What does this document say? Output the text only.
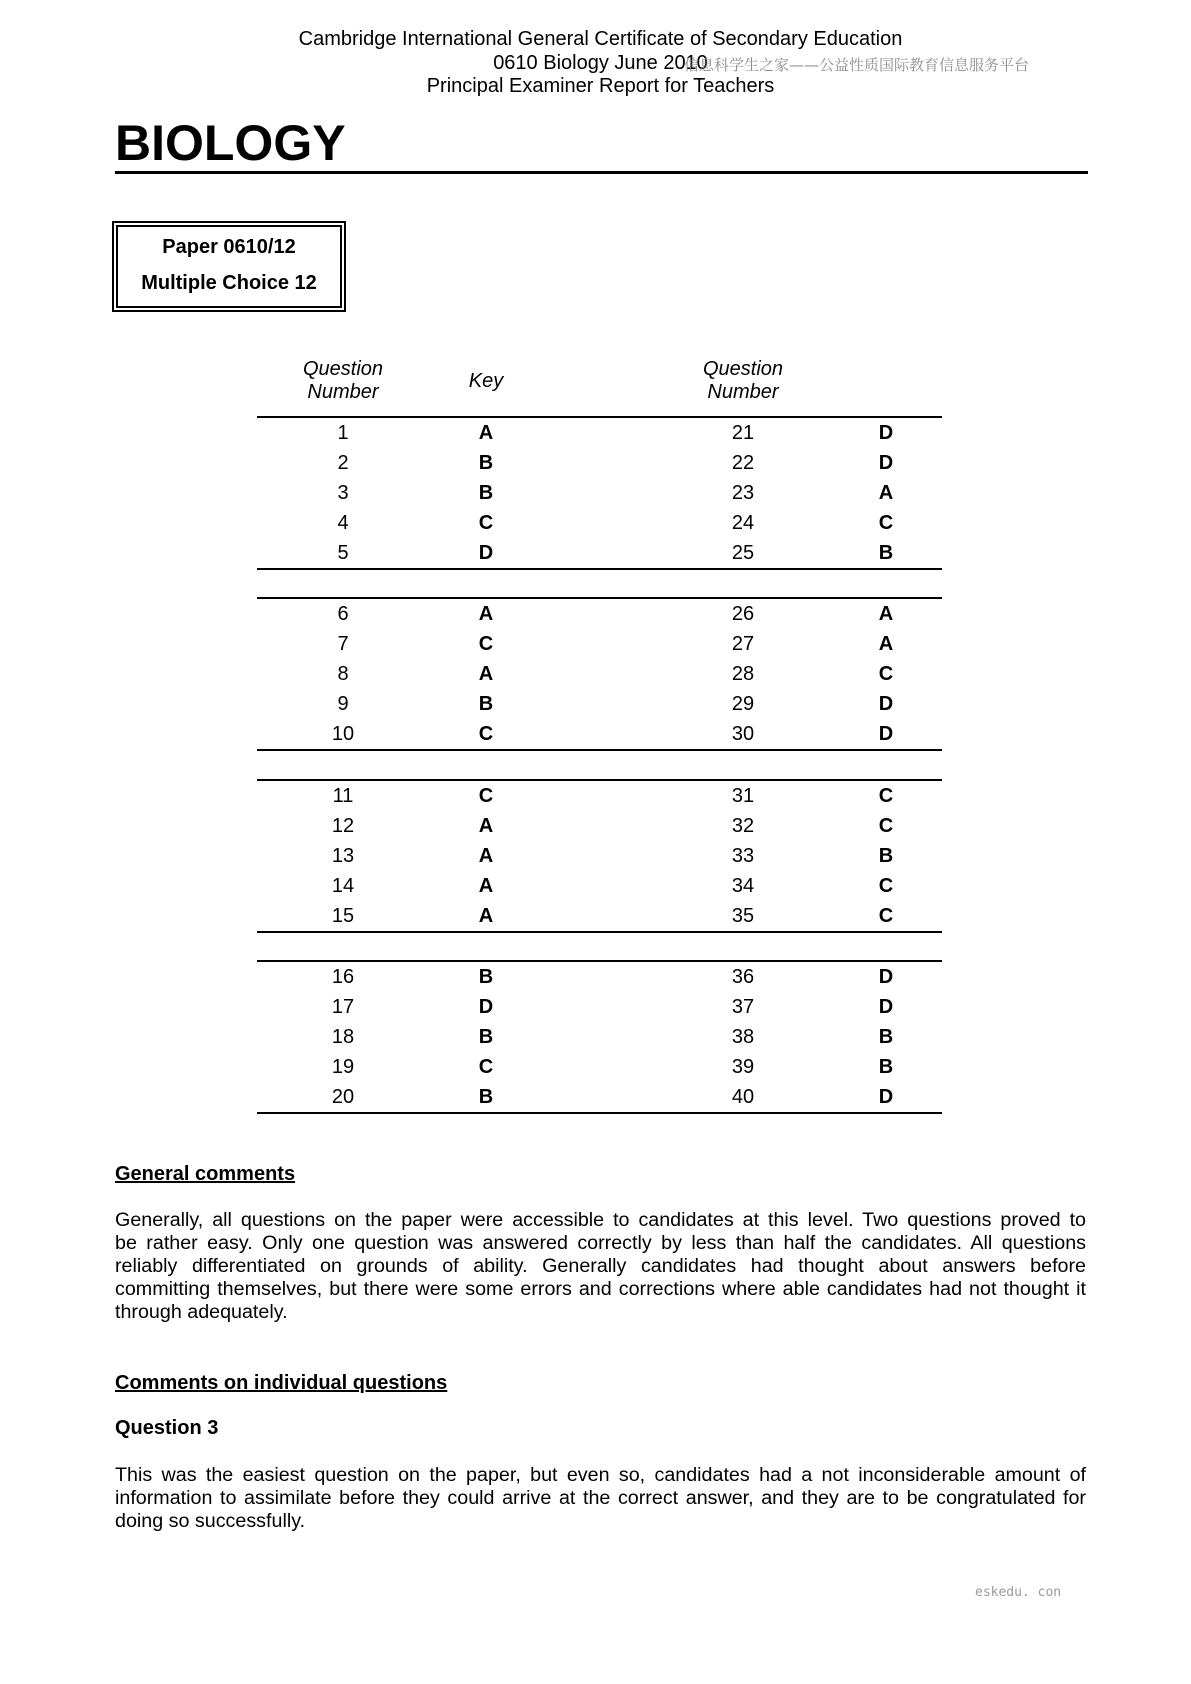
Cambridge International General Certificate of Secondary Education
0610 Biology June 2010
Principal Examiner Report for Teachers
信息科学生之家——公益性质国际教育信息服务平台
BIOLOGY
Paper 0610/12
Multiple Choice 12
Question
Number	Key
Question
Number
1	A	21	D
2	B	22	D
3	B	23	A
4	C	24	C
5	D	25	B
6	A	26	A
7	C	27	A
8	A	28	C
9	B	29	D
10	C	30	D
11	C	31	C
12	A	32	C
13	A	33	B
14	A	34	C
15	A	35	C
16	B	36	D
17	D	37	D
18	B	38	B
19	C	39	B
20	B	40	D
General comments
Generally, all questions on the paper were accessible to candidates at this level. Two questions proved to
be rather easy. Only one question was answered correctly by less than half the candidates. All questions
reliably differentiated on grounds of ability. Generally candidates had thought about answers before
committing themselves, but there were some errors and corrections where able candidates had not thought it
through adequately.
Comments on individual questions
Question 3
This was the easiest question on the paper, but even so, candidates had a not inconsiderable amount of
information to assimilate before they could arrive at the correct answer, and they are to be congratulated for
doing so successfully.
eskedu. con
